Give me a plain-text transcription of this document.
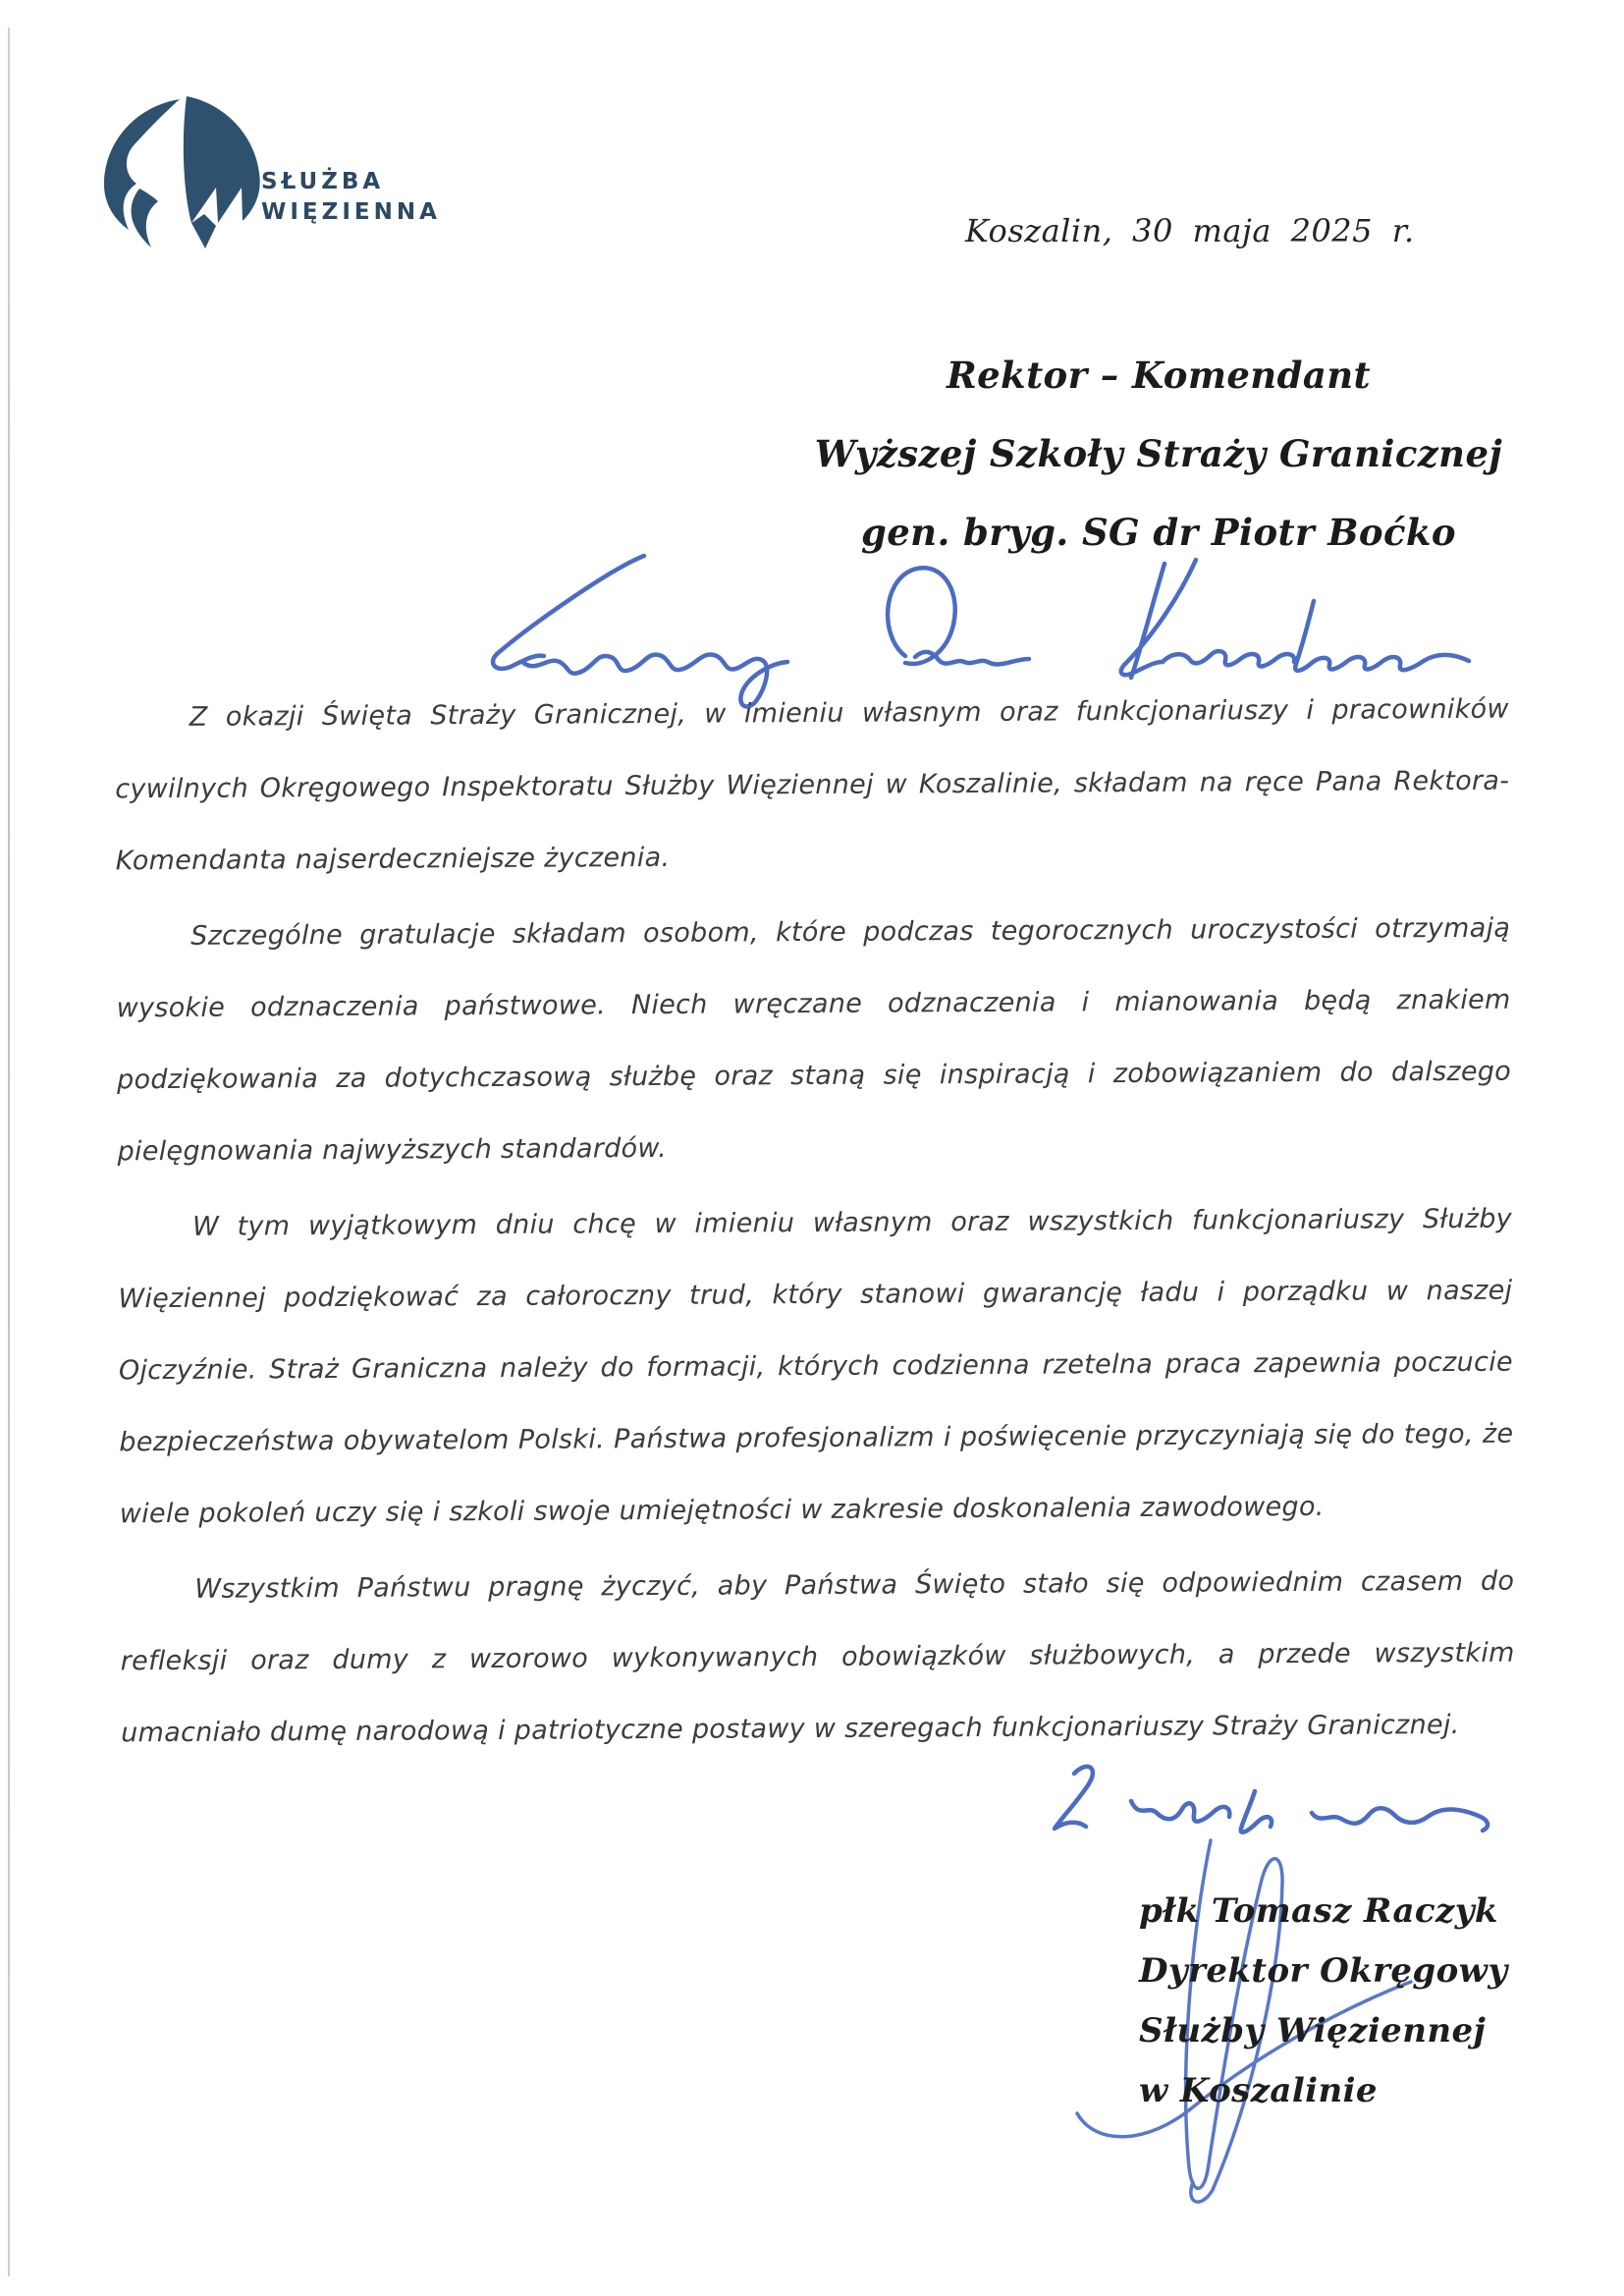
SŁUŻBA
WIĘZIENNA	Koszalin, 30 maja 2025 r.
Rektor – Komendant
Wyższej Szkoły Straży Granicznej
gen. bryg. SG dr Piotr Boćko

Z okazji Święta Straży Granicznej, w imieniu własnym oraz funkcjonariuszy i pracowników cywilnych Okręgowego Inspektoratu Służby Więziennej w Koszalinie, składam na ręce Pana Rektora-Komendanta najserdeczniejsze życzenia.

Szczególne gratulacje składam osobom, które podczas tegorocznych uroczystości otrzymają wysokie odznaczenia państwowe. Niech wręczane odznaczenia i mianowania będą znakiem podziękowania za dotychczasową służbę oraz staną się inspiracją i zobowiązaniem do dalszego pielęgnowania najwyższych standardów.

W tym wyjątkowym dniu chcę w imieniu własnym oraz wszystkich funkcjonariuszy Służby Więziennej podziękować za całoroczny trud, który stanowi gwarancję ładu i porządku w naszej Ojczyźnie. Straż Graniczna należy do formacji, których codzienna rzetelna praca zapewnia poczucie bezpieczeństwa obywatelom Polski. Państwa profesjonalizm i poświęcenie przyczyniają się do tego, że wiele pokoleń uczy się i szkoli swoje umiejętności w zakresie doskonalenia zawodowego.

Wszystkim Państwu pragnę życzyć, aby Państwa Święto stało się odpowiednim czasem do refleksji oraz dumy z wzorowo wykonywanych obowiązków służbowych, a przede wszystkim umacniało dumę narodową i patriotyczne postawy w szeregach funkcjonariuszy Straży Granicznej.

płk Tomasz Raczyk
Dyrektor Okręgowy
Służby Więziennej
w Koszalinie
